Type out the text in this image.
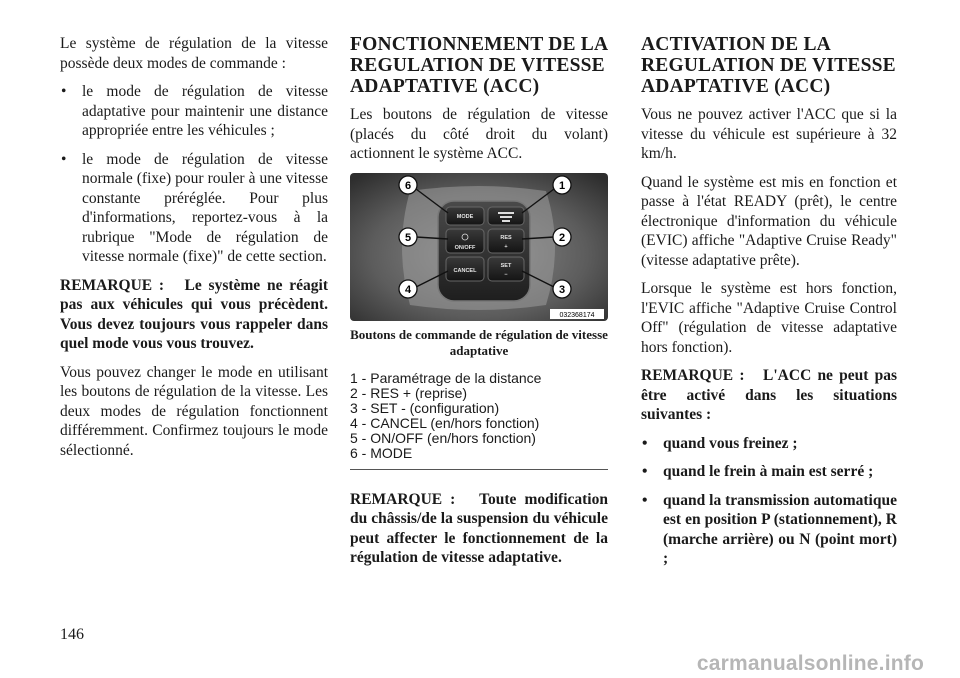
Le système de régulation de la vitesse possède deux modes de commande :

• le mode de régulation de vitesse adaptative pour maintenir une distance appropriée entre les véhicules ;
• le mode de régulation de vitesse normale (fixe) pour rouler à une vitesse constante préréglée. Pour plus d'informations, reportez-vous à la rubrique "Mode de régulation de vitesse normale (fixe)" de cette section.

REMARQUE : Le système ne réagit pas aux véhicules qui vous précèdent. Vous devez toujours vous rappeler dans quel mode vous vous trouvez.

Vous pouvez changer le mode en utilisant les boutons de régulation de la vitesse. Les deux modes de régulation fonctionnent différemment. Confirmez toujours le mode sélectionné.

FONCTIONNEMENT DE LA REGULATION DE VITESSE ADAPTATIVE (ACC)

Les boutons de régulation de vitesse (placés du côté droit du volant) actionnent le système ACC.

MODE
ON/OFF
RES
+
CANCEL
SET
−
6	1
5	2
4	3
032368174
Boutons de commande de régulation de vitesse adaptative
1 - Paramétrage de la distance
2 - RES + (reprise)
3 - SET - (configuration)
4 - CANCEL (en/hors fonction)
5 - ON/OFF (en/hors fonction)
6 - MODE

REMARQUE : Toute modification du châssis/de la suspension du véhicule peut affecter le fonctionnement de la régulation de vitesse adaptative.

ACTIVATION DE LA REGULATION DE VITESSE ADAPTATIVE (ACC)

Vous ne pouvez activer l'ACC que si la vitesse du véhicule est supérieure à 32 km/h.

Quand le système est mis en fonction et passe à l'état READY (prêt), le centre électronique d'information du véhicule (EVIC) affiche "Adaptive Cruise Ready" (vitesse adaptative prête).

Lorsque le système est hors fonction, l'EVIC affiche "Adaptive Cruise Control Off" (régulation de vitesse adaptative hors fonction).

REMARQUE : L'ACC ne peut pas être activé dans les situations suivantes :

• quand vous freinez ;
• quand le frein à main est serré ;
• quand la transmission automatique est en position P (stationnement), R (marche arrière) ou N (point mort) ;
146
carmanualsonline.info
